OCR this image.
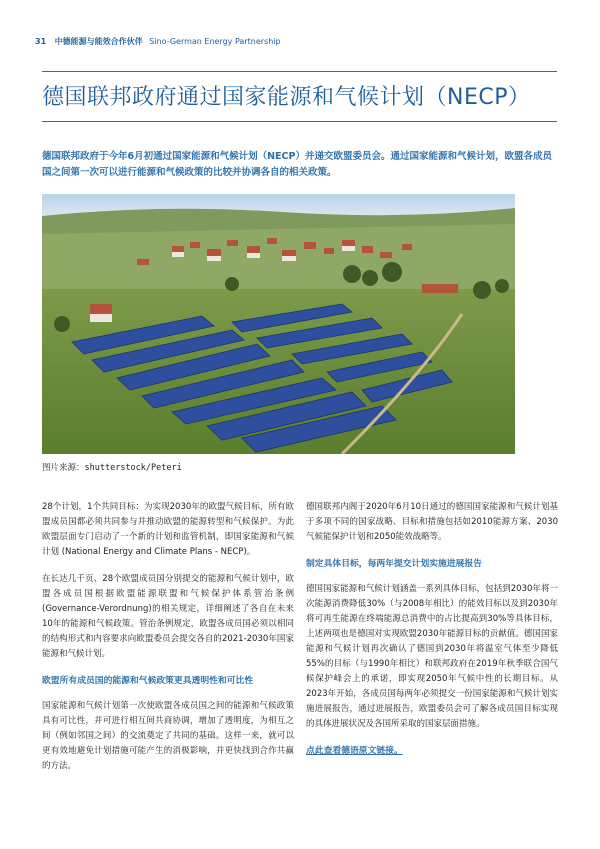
31 中德能源与能效合作伙伴 Sino-German Energy Partnership
德国联邦政府通过国家能源和气候计划（NECP）
德国联邦政府于今年6月初通过国家能源和气候计划（NECP）并递交欧盟委员会。通过国家能源和气候计划，欧盟各成员国之间第一次可以进行能源和气候政策的比较并协调各自的相关政策。
图片来源：shutterstock/Peteri

28个计划，1个共同目标：为实现2030年的欧盟气候目标，所有欧盟成员国都必须共同参与并推动欧盟的能源转型和气候保护。为此欧盟层面专门启动了一个新的计划和监管机制，即国家能源和气候计划 (National Energy and Climate Plans - NECP)。

在长达几千页、28个欧盟成员国分别提交的能源和气候计划中，欧盟各成员国根据欧盟能源联盟和气候保护体系管治条例(Governance-Verordnung)的相关规定，详细阐述了各自在未来10年的能源和气候政策。管治条例规定，欧盟各成员国必须以相同的结构形式和内容要求向欧盟委员会提交各自的2021-2030年国家能源和气候计划。

欧盟所有成员国的能源和气候政策更具透明性和可比性

国家能源和气候计划第一次使欧盟各成员国之间的能源和气候政策具有可比性，并可进行相互间共商协调，增加了透明度，为相互之间（例如邻国之间）的交流奠定了共同的基础。这样一来，就可以更有效地避免计划措施可能产生的消极影响，并更快找到合作共赢的方法。

德国联邦内阁于2020年6月10日通过的德国国家能源和气候计划基于多项不同的国家战略、目标和措施包括如2010能源方案、2030气候能保护计划和2050能效战略等。

制定具体目标，每两年提交计划实施进展报告

德国国家能源和气候计划涵盖一系列具体目标，包括到2030年将一次能源消费降低30%（与2008年相比）的能效目标以及到2030年将可再生能源在终端能源总消费中的占比提高到30%等具体目标，上述两项也是德国对实现欧盟2030年能源目标的贡献值。德国国家能源和气候计划再次确认了德国到2030年将温室气体至少降低55%的目标（与1990年相比）和联邦政府在2019年秋季联合国气候保护峰会上的承诺，即实现2050年气候中性的长期目标。从2023年开始，各成员国每两年必须提交一份国家能源和气候计划实施进展报告，通过进展报告，欧盟委员会可了解各成员国目标实现的具体进展状况及各国所采取的国家层面措施。

点此查看德语原文链接。
